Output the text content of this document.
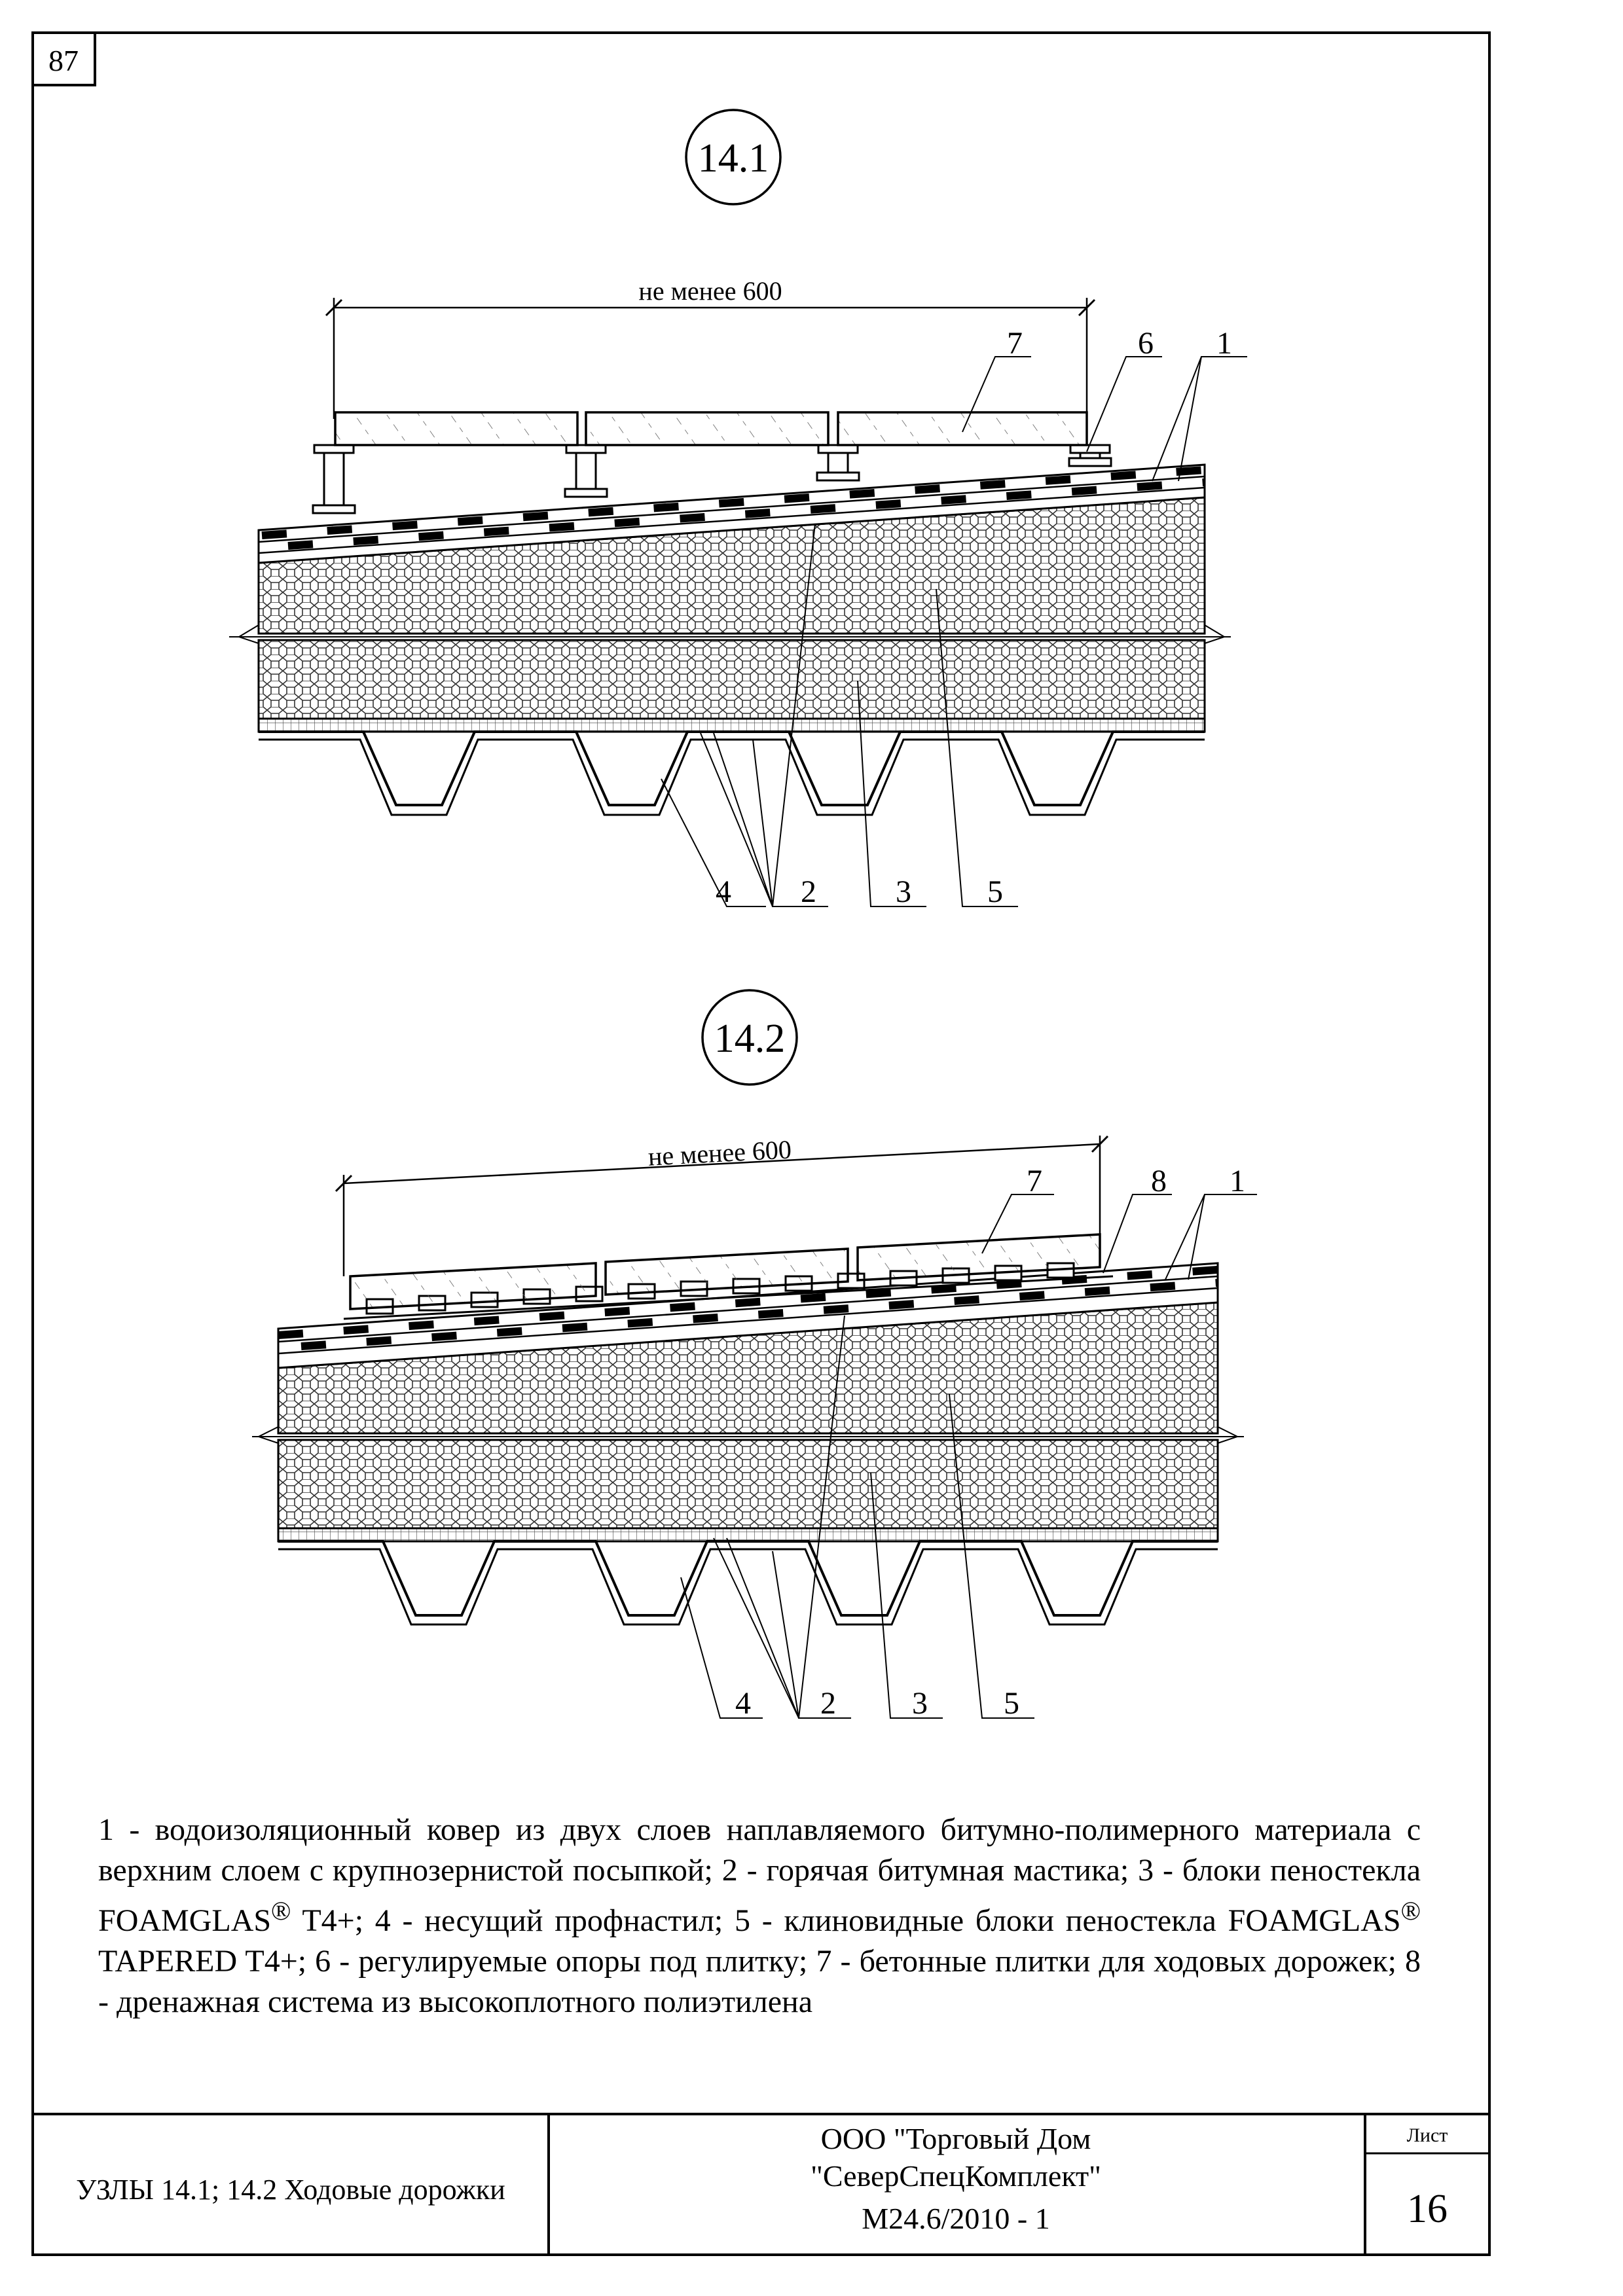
87
14.1
не менее 600
7	6 1
4 2	3 5
14.2
не менее 600
7	8 1
4 2 3 5
УЗЛЫ 14.1; 14.2 Ходовые дорожки
ООО "Торговый Дом
"СеверСпецКомплект"
М24.6/2010 - 1
Лист
16
1 - водоизоляционный ковер из двух слоев наплавляемого битумно-полимерного материала с верхним слоем с крупнозернистой посыпкой; 2 - горячая битумная мастика; 3 - блоки пеностекла FOAMGLAS® T4+; 4 - несущий профнастил; 5 - клиновидные блоки пеностекла FOAMGLAS® TAPERED T4+; 6 - регулируемые опоры под плитку; 7 - бетонные плитки для ходовых дорожек; 8 - дренажная система из высокоплотного полиэтилена
